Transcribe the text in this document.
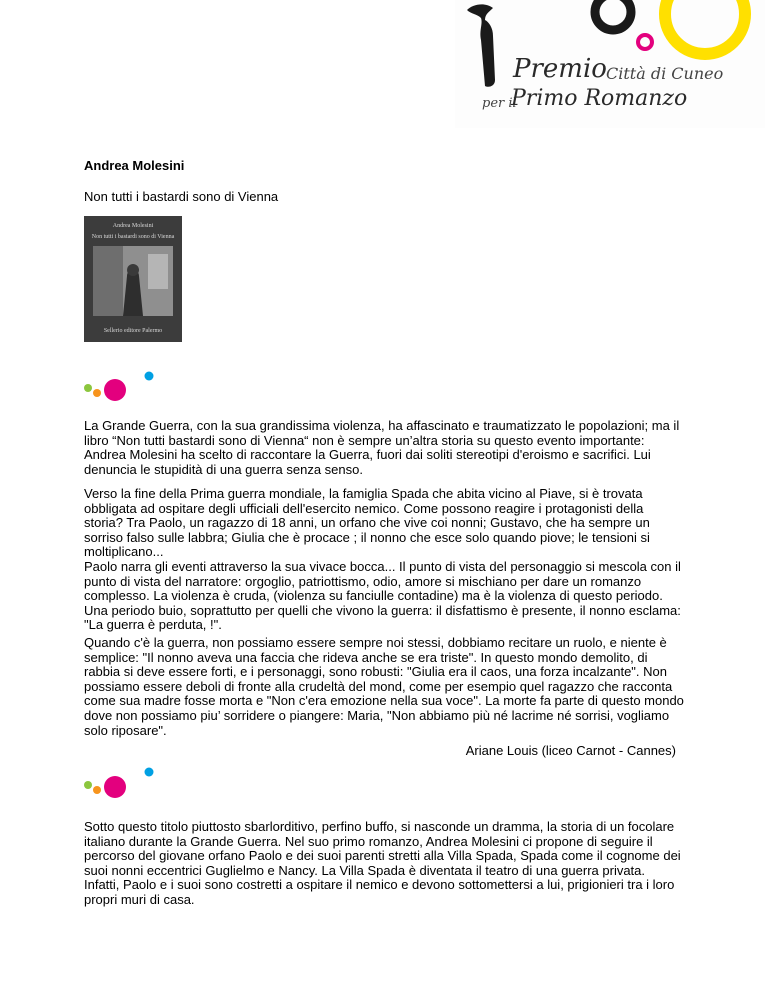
Premio Città di Cuneo
per il
Primo Romanzo

Andrea Molesini

Non tutti i bastardi sono di Vienna

Andrea Molesini
Non tutti i bastardi sono di Vienna
Sellerio editore Palermo

La Grande Guerra, con la sua grandissima violenza, ha affascinato e traumatizzato le popolazioni; ma il libro “Non tutti bastardi sono di Vienna“ non è sempre un’altra storia su questo evento importante: Andrea Molesini ha scelto di raccontare la Guerra, fuori dai soliti stereotipi d'eroismo e sacrifici. Lui denuncia le stupidità di una guerra senza senso.

Verso la fine della Prima guerra mondiale, la famiglia Spada che abita vicino al Piave, si è trovata obbligata ad ospitare degli ufficiali dell'esercito nemico. Come possono reagire i protagonisti della storia? Tra Paolo, un ragazzo di 18 anni, un orfano che vive coi nonni; Gustavo, che ha sempre un sorriso falso sulle labbra; Giulia che è procace ; il nonno che esce solo quando piove; le tensioni si moltiplicano...
Paolo narra gli eventi attraverso la sua vivace bocca... Il punto di vista del personaggio si mescola con il punto di vista del narratore: orgoglio, patriottismo, odio, amore si mischiano per dare un romanzo complesso. La violenza è cruda, (violenza su fanciulle contadine) ma è la violenza di questo periodo. Una periodo buio, soprattutto per quelli che vivono la guerra: il disfattismo è presente, il nonno esclama: "La guerra è perduta, !".

Quando c'è la guerra, non possiamo essere sempre noi stessi, dobbiamo recitare un ruolo, e niente è semplice: "Il nonno aveva una faccia che rideva anche se era triste". In questo mondo demolito, di rabbia si deve essere forti, e i personaggi, sono robusti: "Giulia era il caos, una forza incalzante". Non possiamo essere deboli di fronte alla crudeltà del mond, come per esempio quel ragazzo che racconta come sua madre fosse morta e "Non c'era emozione nella sua voce". La morte fa parte di questo mondo dove non possiamo piu’ sorridere o piangere: Maria, "Non abbiamo più né lacrime né sorrisi, vogliamo solo riposare".

Ariane Louis (liceo Carnot - Cannes)

Sotto questo titolo piuttosto sbarlorditivo, perfino buffo, si nasconde un dramma, la storia di un focolare italiano durante la Grande Guerra. Nel suo primo romanzo, Andrea Molesini ci propone di seguire il percorso del giovane orfano Paolo e dei suoi parenti stretti alla Villa Spada, Spada come il cognome dei suoi nonni eccentrici Guglielmo e Nancy. La Villa Spada è diventata il teatro di una guerra privata. Infatti, Paolo e i suoi sono costretti a ospitare il nemico e devono sottomettersi a lui, prigionieri tra i loro propri muri di casa.
